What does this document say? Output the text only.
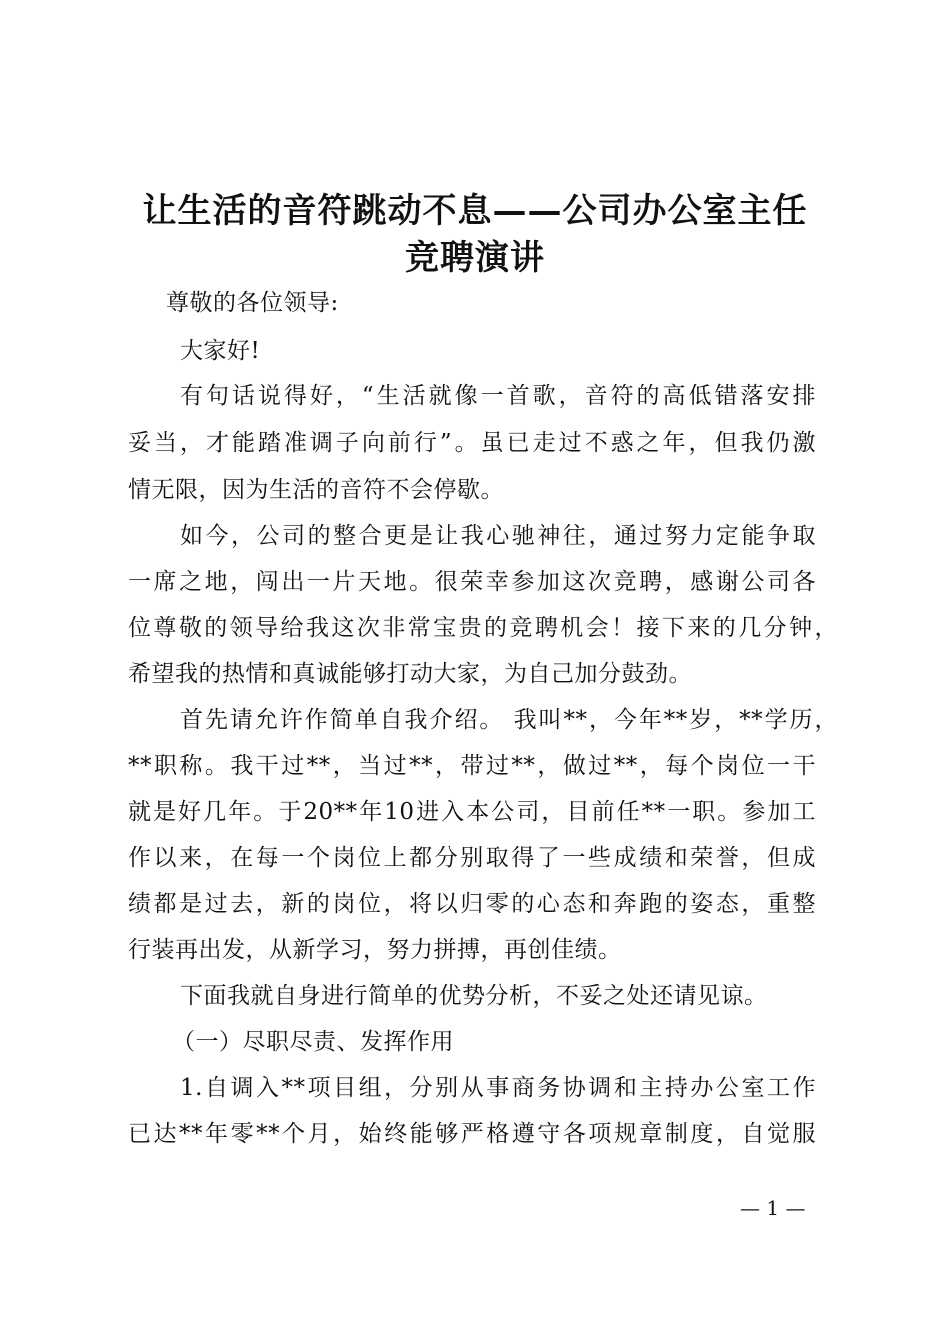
让生活的音符跳动不息——公司办公室主任
竞聘演讲
尊敬的各位领导:
大家好!
有句话说得好，“生活就像一首歌，音符的高低错落安排
妥当，才能踏准调子向前行”。虽已走过不惑之年，但我仍激
情无限，因为生活的音符不会停歇。
如今，公司的整合更是让我心驰神往，通过努力定能争取
一席之地，闯出一片天地。很荣幸参加这次竞聘，感谢公司各
位尊敬的领导给我这次非常宝贵的竞聘机会！接下来的几分钟，
希望我的热情和真诚能够打动大家，为自己加分鼓劲。
首先请允许作简单自我介绍。 我叫**，今年**岁，**学历，
**职称。我干过**，当过**，带过**，做过**，每个岗位一干
就是好几年。于20**年10进入本公司，目前任**一职。参加工
作以来，在每一个岗位上都分别取得了一些成绩和荣誉，但成
绩都是过去，新的岗位，将以归零的心态和奔跑的姿态，重整
行装再出发，从新学习，努力拼搏，再创佳绩。
下面我就自身进行简单的优势分析，不妥之处还请见谅。
（一）尽职尽责、发挥作用
1.自调入**项目组，分别从事商务协调和主持办公室工作
已达**年零**个月，始终能够严格遵守各项规章制度，自觉服
— 1 —
